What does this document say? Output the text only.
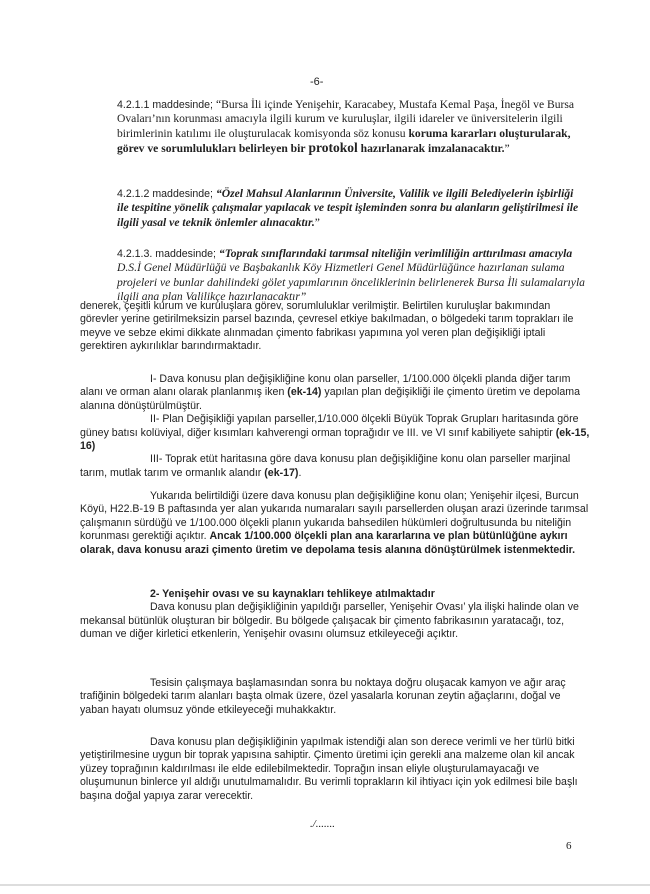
-6-

4.2.1.1 maddesinde; “Bursa İli içinde Yenişehir, Karacabey, Mustafa Kemal Paşa, İnegöl ve Bursa Ovaları’nın korunması amacıyla ilgili kurum ve kuruluşlar, ilgili idareler ve üniversitelerin ilgili birimlerinin katılımı ile oluşturulacak komisyonda söz konusu koruma kararları oluşturularak, görev ve sorumlulukları belirleyen bir protokol hazırlanarak imzalanacaktır.”

4.2.1.2 maddesinde; “Özel Mahsul Alanlarının Üniversite, Valilik ve ilgili Belediyelerin işbirliği ile tespitine yönelik çalışmalar yapılacak ve tespit işleminden sonra bu alanların geliştirilmesi ile ilgili yasal ve teknik önlemler alınacaktır.”

4.2.1.3. maddesinde; “Toprak sınıflarındaki tarımsal niteliğin verimliliğin arttırılması amacıyla D.S.İ Genel Müdürlüğü ve Başbakanlık Köy Hizmetleri Genel Müdürlüğünce hazırlanan sulama projeleri ve bunlar dahilindeki gölet yapımlarının önceliklerinin belirlenerek Bursa İli sulamalarıyla ilgili ana plan Valilikçe hazırlanacaktır”

denerek, çeşitli kurum ve kuruluşlara görev, sorumluluklar verilmiştir. Belirtilen kuruluşlar bakımından görevler yerine getirilmeksizin parsel bazında, çevresel etkiye bakılmadan, o bölgedeki tarım toprakları ile meyve ve sebze ekimi dikkate alınmadan çimento fabrikası yapımına yol veren plan değişikliği iptali gerektiren aykırılıklar barındırmaktadır.

I- Dava konusu plan değişikliğine konu olan parseller, 1/100.000 ölçekli planda diğer tarım alanı ve orman alanı olarak planlanmış iken (ek-14) yapılan plan değişikliği ile çimento üretim ve depolama alanına dönüştürülmüştür.

II- Plan Değişikliği yapılan parseller,1/10.000 ölçekli Büyük Toprak Grupları haritasında göre güney batısı kolüviyal, diğer kısımları kahverengi orman toprağıdır ve III. ve VI sınıf kabiliyete sahiptir (ek-15, 16)

III- Toprak etüt haritasına göre dava konusu plan değişikliğine konu olan parseller marjinal tarım, mutlak tarım ve ormanlık alandır (ek-17).

Yukarıda belirtildiği üzere dava konusu plan değişikliğine konu olan; Yenişehir ilçesi, Burcun Köyü, H22.B-19 B paftasında yer alan yukarıda numaraları sayılı parsellerden oluşan arazi üzerinde tarımsal çalışmanın sürdüğü ve 1/100.000 ölçekli planın yukarıda bahsedilen hükümleri doğrultusunda bu niteliğin korunması gerektiği açıktır. Ancak 1/100.000 ölçekli plan ana kararlarına ve plan bütünlüğüne aykırı olarak, dava konusu arazi çimento üretim ve depolama tesis alanına dönüştürülmek istenmektedir.

2- Yenişehir ovası ve su kaynakları tehlikeye atılmaktadır

Dava konusu plan değişikliğinin yapıldığı parseller, Yenişehir Ovası’ yla ilişki halinde olan ve mekansal bütünlük oluşturan bir bölgedir. Bu bölgede çalışacak bir çimento fabrikasının yaratacağı, toz, duman ve diğer kirletici etkenlerin, Yenişehir ovasını olumsuz etkileyeceği açıktır.

Tesisin çalışmaya başlamasından sonra bu noktaya doğru oluşacak kamyon ve ağır araç trafiğinin bölgedeki tarım alanları başta olmak üzere, özel yasalarla korunan zeytin ağaçlarını, doğal ve yaban hayatı olumsuz yönde etkileyeceği muhakkaktır.

Dava konusu plan değişikliğinin yapılmak istendiği alan son derece verimli ve her türlü bitki yetiştirilmesine uygun bir toprak yapısına sahiptir. Çimento üretimi için gerekli ana malzeme olan kil ancak yüzey toprağının kaldırılması ile elde edilebilmektedir. Toprağın insan eliyle oluşturulamayacağı ve oluşumunun binlerce yıl aldığı unutulmamalıdır. Bu verimli toprakların kil ihtiyacı için yok edilmesi bile başlı başına doğal yapıya zarar verecektir.

./.......
6
